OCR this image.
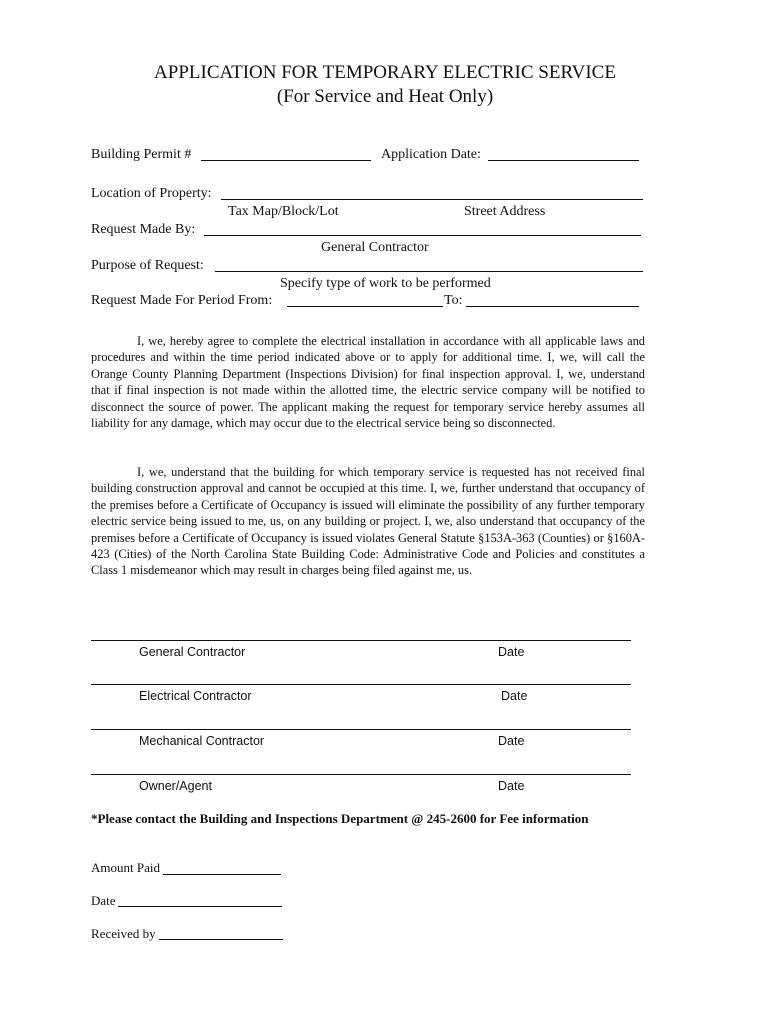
APPLICATION FOR TEMPORARY ELECTRIC SERVICE
(For Service and Heat Only)
Building Permit #	Application Date:
Location of Property:
Tax Map/Block/Lot	Street Address
Request Made By:
General Contractor
Purpose of Request:
Specify type of work to be performed
Request Made For Period From:	To:

I, we, hereby agree to complete the electrical installation in accordance with all applicable laws and procedures and within the time period indicated above or to apply for additional time. I, we, will call the Orange County Planning Department (Inspections Division) for final inspection approval. I, we, understand that if final inspection is not made within the allotted time, the electric service company will be notified to disconnect the source of power. The applicant making the request for temporary service hereby assumes all liability for any damage, which may occur due to the electrical service being so disconnected.

I, we, understand that the building for which temporary service is requested has not received final building construction approval and cannot be occupied at this time. I, we, further understand that occupancy of the premises before a Certificate of Occupancy is issued will eliminate the possibility of any further temporary electric service being issued to me, us, on any building or project. I, we, also understand that occupancy of the premises before a Certificate of Occupancy is issued violates General Statute §153A-363 (Counties) or §160A-423 (Cities) of the North Carolina State Building Code: Administrative Code and Policies and constitutes a Class 1 misdemeanor which may result in charges being filed against me, us.

General Contractor	Date
Electrical Contractor	Date
Mechanical Contractor	Date
Owner/Agent	Date
*Please contact the Building and Inspections Department @ 245-2600 for Fee information
Amount Paid
Date
Received by
